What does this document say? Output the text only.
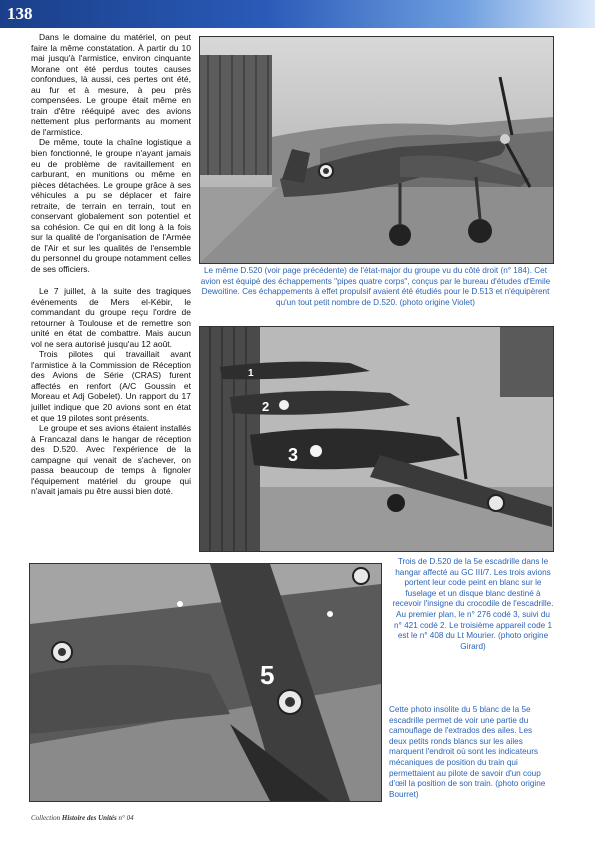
138

Dans le domaine du matériel, on peut faire la même constatation. À partir du 10 mai jusqu'à l'armistice, environ cinquante Morane ont été perdus toutes causes confondues, là aussi, ces pertes ont été, au fur et à mesure, à peu près compensées. Le groupe était même en train d'être rééquipé avec des avions nettement plus performants au moment de l'armistice.

De même, toute la chaîne logistique a bien fonctionné, le groupe n'ayant jamais eu de problème de ravitaillement en carburant, en munitions ou même en pièces détachées. Le groupe grâce à ses véhicules a pu se déplacer et faire retraite, de terrain en terrain, tout en conservant globalement son potentiel et sa cohésion. Ce qui en dit long à la fois sur la qualité de l'organisation de l'Armée de l'Air et sur les qualités de l'ensemble du personnel du groupe notamment celles de ses officiers.

Le 7 juillet, à la suite des tragiques événements de Mers el-Kébir, le commandant du groupe reçu l'ordre de retourner à Toulouse et de remettre son unité en état de combattre. Mais aucun vol ne sera autorisé jusqu'au 12 août.

Trois pilotes qui travaillait avant l'armistice à la Commission de Réception des Avions de Série (CRAS) furent affectés en renfort (A/C Goussin et Moreau et Adj Gobelet). Un rapport du 17 juillet indique que 20 avions sont en état et que 19 pilotes sont présents.

Le groupe et ses avions étaient installés à Francazal dans le hangar de réception des D.520. Avec l'expérience de la campagne qui venait de s'achever, on passa beaucoup de temps à fignoler l'équipement matériel du groupe qui n'avait jamais pu être aussi bien doté.

Le même D.520 (voir page précédente) de l'état-major du groupe vu du côté droit (n° 184). Cet avion est équipé des échappements "pipes quatre corps", conçus par le bureau d'études d'Emile Dewoitine. Ces échappements à effet propulsif avaient été étudiés pour le D.513 et n'équipèrent qu'un tout petit nombre de D.520. (photo origine Violet)

1
2
3

Trois de D.520 de la 5e escadrille dans le hangar affecté au GC III/7. Les trois avions portent leur code peint en blanc sur le fuselage et un disque blanc destiné à recevoir l'insigne du crocodile de l'escadrille. Au premier plan, le n° 276 codé 3, suivi du n° 421 codé 2. Le troisième appareil code 1 est le n° 408 du Lt Mourier. (photo origine Girard)

5

Cette photo insolite du 5 blanc de la 5e escadrille permet de voir une partie du camouflage de l'extrados des ailes. Les deux petits ronds blancs sur les ailes marquent l'endroit où sont les indicateurs mécaniques de position du train qui permettaient au pilote de savoir d'un coup d'œil la position de son train. (photo origine Bourret)

Collection Histoire des Unités n° 04
